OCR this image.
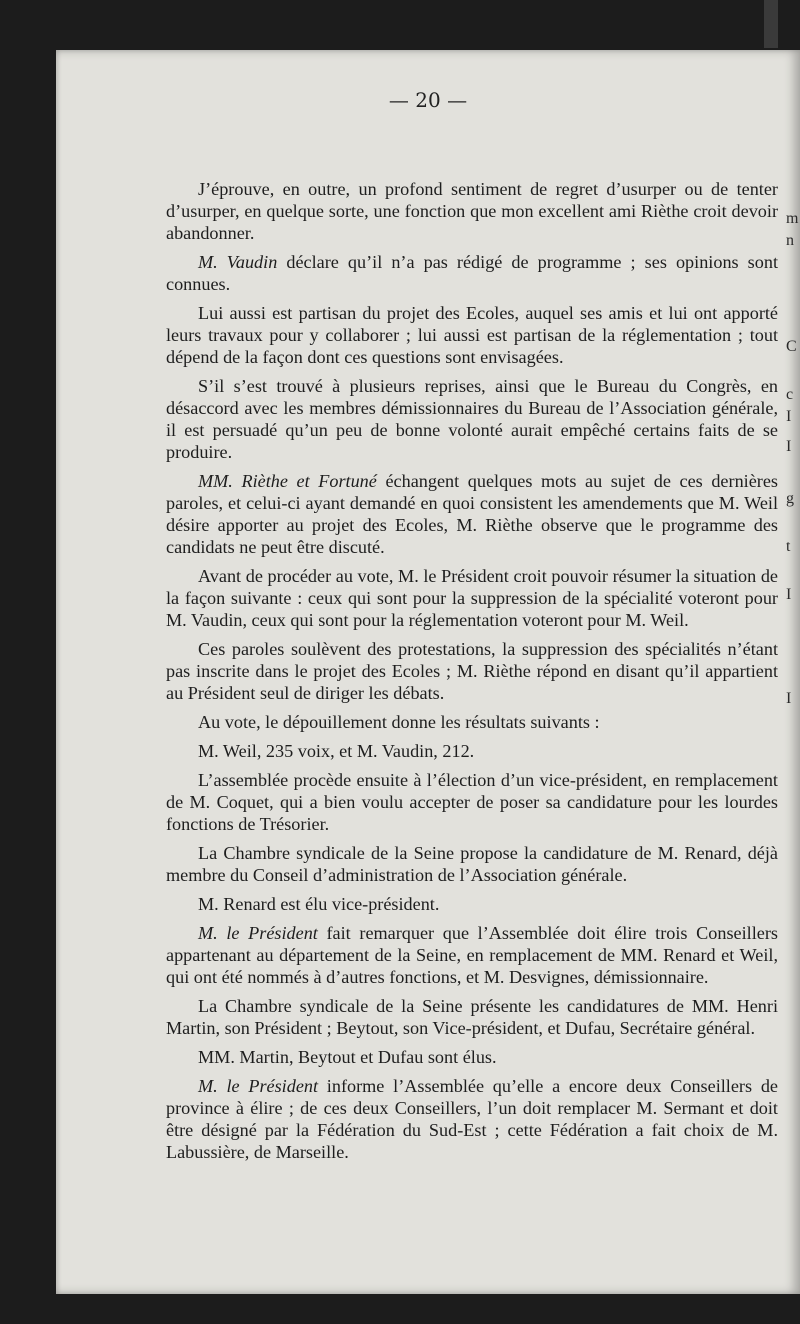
— 20 —

J’éprouve, en outre, un profond sentiment de regret d’usurper ou de tenter d’usurper, en quelque sorte, une fonction que mon excellent ami Rièthe croit devoir abandonner.

M. Vaudin déclare qu’il n’a pas rédigé de programme ; ses opinions sont connues.

Lui aussi est partisan du projet des Ecoles, auquel ses amis et lui ont apporté leurs travaux pour y collaborer ; lui aussi est partisan de la réglementation ; tout dépend de la façon dont ces questions sont envisagées.

S’il s’est trouvé à plusieurs reprises, ainsi que le Bureau du Congrès, en désaccord avec les membres démissionnaires du Bureau de l’Association générale, il est persuadé qu’un peu de bonne volonté aurait empêché certains faits de se produire.

MM. Rièthe et Fortuné échangent quelques mots au sujet de ces dernières paroles, et celui-ci ayant demandé en quoi consistent les amendements que M. Weil désire apporter au projet des Ecoles, M. Rièthe observe que le programme des candidats ne peut être discuté.

Avant de procéder au vote, M. le Président croit pouvoir résumer la situation de la façon suivante : ceux qui sont pour la suppression de la spécialité voteront pour M. Vaudin, ceux qui sont pour la réglementation voteront pour M. Weil.

Ces paroles soulèvent des protestations, la suppression des spécialités n’étant pas inscrite dans le projet des Ecoles ; M. Rièthe répond en disant qu’il appartient au Président seul de diriger les débats.

Au vote, le dépouillement donne les résultats suivants :

M. Weil, 235 voix, et M. Vaudin, 212.

L’assemblée procède ensuite à l’élection d’un vice-président, en remplacement de M. Coquet, qui a bien voulu accepter de poser sa candidature pour les lourdes fonctions de Trésorier.

La Chambre syndicale de la Seine propose la candidature de M. Renard, déjà membre du Conseil d’administration de l’Association générale.

M. Renard est élu vice-président.

M. le Président fait remarquer que l’Assemblée doit élire trois Conseillers appartenant au département de la Seine, en remplacement de MM. Renard et Weil, qui ont été nommés à d’autres fonctions, et M. Desvignes, démissionnaire.

La Chambre syndicale de la Seine présente les candidatures de MM. Henri Martin, son Président ; Beytout, son Vice-président, et Dufau, Secrétaire général.

MM. Martin, Beytout et Dufau sont élus.

M. le Président informe l’Assemblée qu’elle a encore deux Conseillers de province à élire ; de ces deux Conseillers, l’un doit remplacer M. Sermant et doit être désigné par la Fédération du Sud-Est ; cette Fédération a fait choix de M. Labussière, de Marseille.

m
n
c
C
I
I
g
t
I
I
